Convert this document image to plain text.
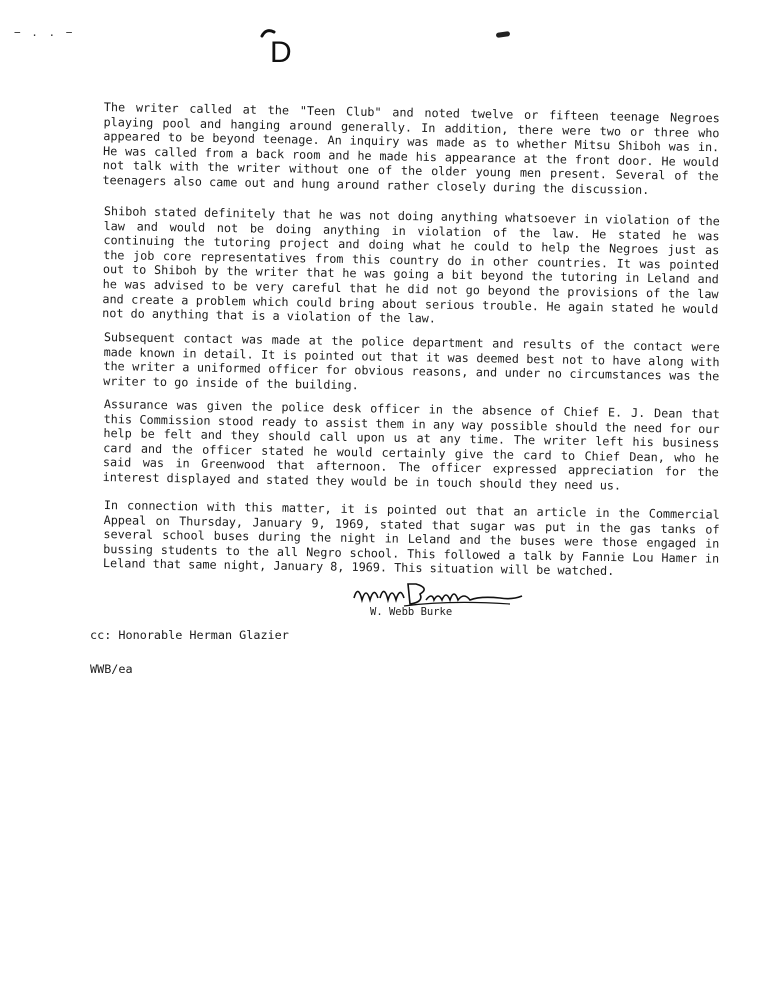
− . . −
D

The writer called at the "Teen Club" and noted twelve or fifteen teenage Negroes playing pool and hanging around generally. In addition, there were two or three who appeared to be beyond teenage. An inquiry was made as to whether Mitsu Shiboh was in. He was called from a back room and he made his appearance at the front door. He would not talk with the writer without one of the older young men present. Several of the teenagers also came out and hung around rather closely during the discussion.

Shiboh stated definitely that he was not doing anything whatsoever in violation of the law and would not be doing anything in violation of the law. He stated he was continuing the tutoring project and doing what he could to help the Negroes just as the job core representatives from this country do in other countries. It was pointed out to Shiboh by the writer that he was going a bit beyond the tutoring in Leland and he was advised to be very careful that he did not go beyond the provisions of the law and create a problem which could bring about serious trouble. He again stated he would not do anything that is a violation of the law.

Subsequent contact was made at the police department and results of the contact were made known in detail. It is pointed out that it was deemed best not to have along with the writer a uniformed officer for obvious reasons, and under no circumstances was the writer to go inside of the building.

Assurance was given the police desk officer in the absence of Chief E. J. Dean that this Commission stood ready to assist them in any way possible should the need for our help be felt and they should call upon us at any time. The writer left his business card and the officer stated he would certainly give the card to Chief Dean, who he said was in Greenwood that afternoon. The officer expressed appreciation for the interest displayed and stated they would be in touch should they need us.

In connection with this matter, it is pointed out that an article in the Commercial Appeal on Thursday, January 9, 1969, stated that sugar was put in the gas tanks of several school buses during the night in Leland and the buses were those engaged in bussing students to the all Negro school. This followed a talk by Fannie Lou Hamer in Leland that same night, January 8, 1969. This situation will be watched.

W. Webb Burke
cc: Honorable Herman Glazier
WWB/ea
